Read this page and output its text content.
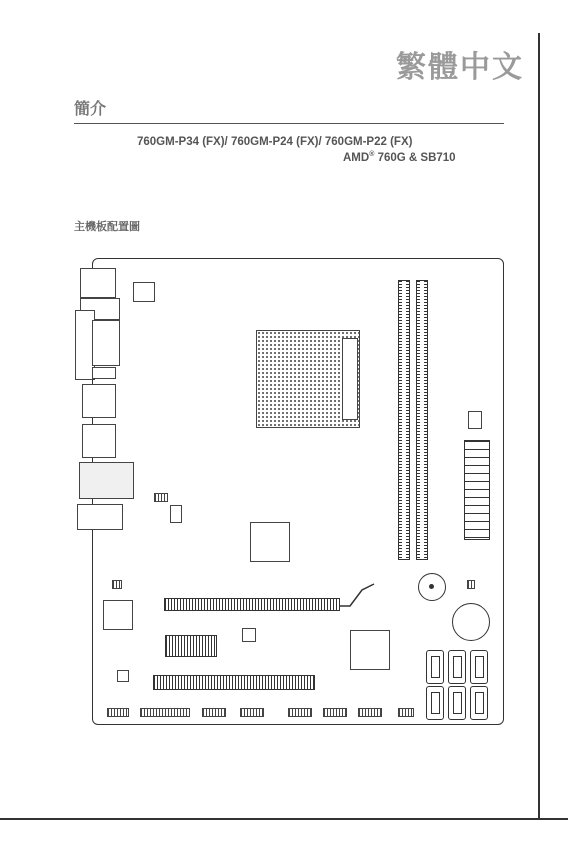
繁體中文
簡介
760GM-P34 (FX)/ 760GM-P24 (FX)/ 760GM-P22 (FX)
AMD® 760G & SB710
主機板配置圖
